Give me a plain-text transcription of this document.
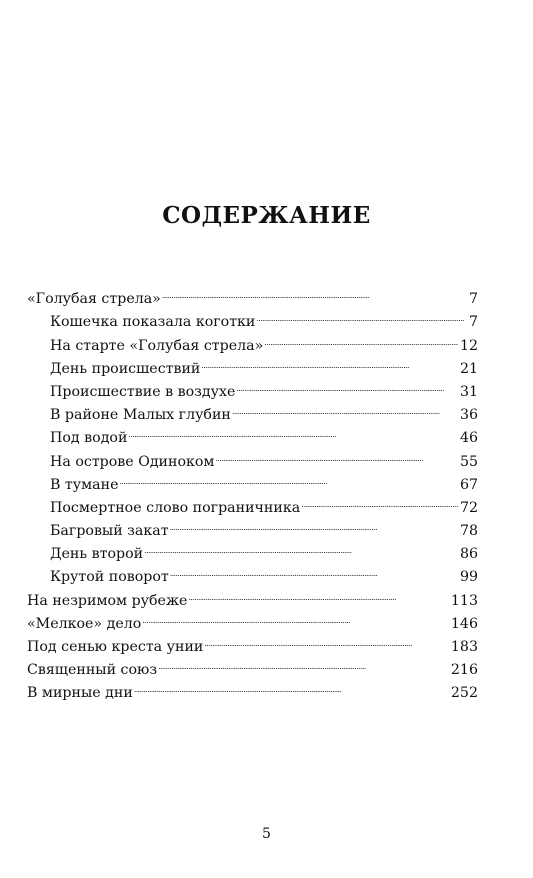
СОДЕРЖАНИЕ
«Голубая стрела» . . .	7
Кошечка показала коготки . . .	7
На старте «Голубая стрела» . . .	12
День происшествий . . .	21
Происшествие в воздухе . . .	31
В районе Малых глубин . . .	36
Под водой . . .	46
На острове Одиноком . . .	55
В тумане . . .	67
Посмертное слово пограничника . . .	72
Багровый закат . . .	78
День второй . . .	86
Крутой поворот . . .	99
На незримом рубеже . . .	113
«Мелкое» дело . . .	146
Под сенью креста унии . . .	183
Священный союз . . .	216
В мирные дни . . .	252
5
